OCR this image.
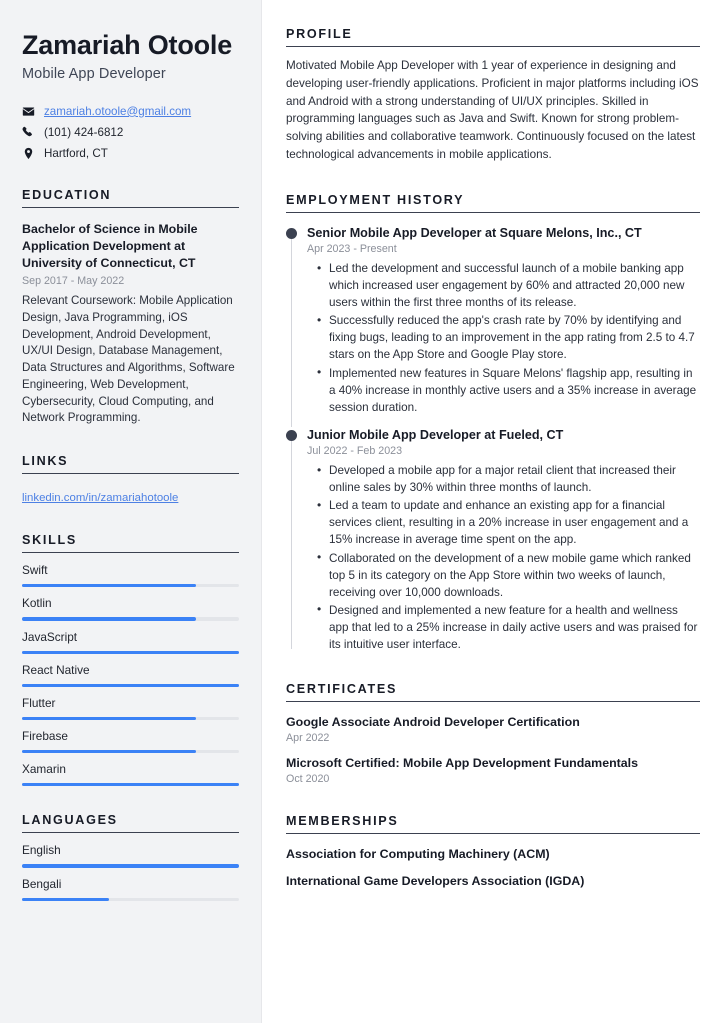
Zamariah Otoole
Mobile App Developer
zamariah.otoole@gmail.com
(101) 424-6812
Hartford, CT
EDUCATION
Bachelor of Science in Mobile Application Development at University of Connecticut, CT
Sep 2017 - May 2022
Relevant Coursework: Mobile Application Design, Java Programming, iOS Development, Android Development, UX/UI Design, Database Management, Data Structures and Algorithms, Software Engineering, Web Development, Cybersecurity, Cloud Computing, and Network Programming.
LINKS
linkedin.com/in/zamariahotoole
SKILLS
Swift
Kotlin
JavaScript
React Native
Flutter
Firebase
Xamarin
LANGUAGES
English
Bengali
PROFILE

Motivated Mobile App Developer with 1 year of experience in designing and developing user-friendly applications. Proficient in major platforms including iOS and Android with a strong understanding of UI/UX principles. Skilled in programming languages such as Java and Swift. Known for strong problem-solving abilities and collaborative teamwork. Continuously focused on the latest technological advancements in mobile applications.

EMPLOYMENT HISTORY
Senior Mobile App Developer at Square Melons, Inc., CT
Apr 2023 - Present
• Led the development and successful launch of a mobile banking app which increased user engagement by 60% and attracted 20,000 new users within the first three months of its release.
• Successfully reduced the app's crash rate by 70% by identifying and fixing bugs, leading to an improvement in the app rating from 2.5 to 4.7 stars on the App Store and Google Play store.
• Implemented new features in Square Melons' flagship app, resulting in a 40% increase in monthly active users and a 35% increase in average session duration.
Junior Mobile App Developer at Fueled, CT
Jul 2022 - Feb 2023
• Developed a mobile app for a major retail client that increased their online sales by 30% within three months of launch.
• Led a team to update and enhance an existing app for a financial services client, resulting in a 20% increase in user engagement and a 15% increase in average time spent on the app.
• Collaborated on the development of a new mobile game which ranked top 5 in its category on the App Store within two weeks of launch, receiving over 10,000 downloads.
• Designed and implemented a new feature for a health and wellness app that led to a 25% increase in daily active users and was praised for its intuitive user interface.
CERTIFICATES
Google Associate Android Developer Certification
Apr 2022
Microsoft Certified: Mobile App Development Fundamentals
Oct 2020
MEMBERSHIPS
Association for Computing Machinery (ACM)
International Game Developers Association (IGDA)
